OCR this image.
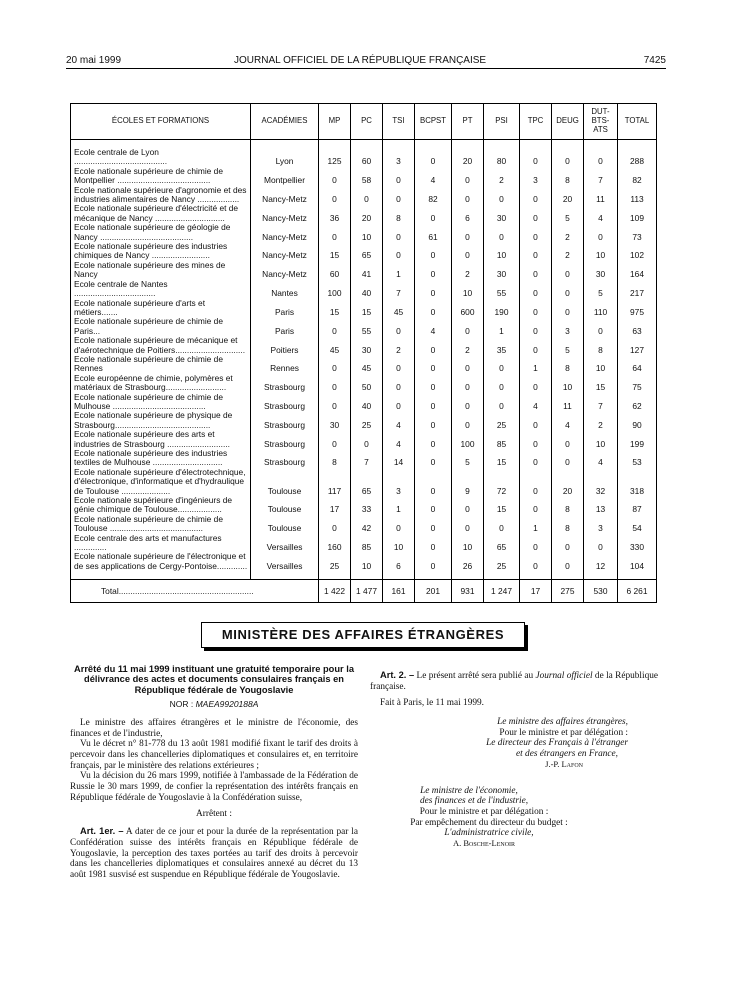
20 mai 1999	JOURNAL OFFICIEL DE LA RÉPUBLIQUE FRANÇAISE	7425
ÉCOLES ET FORMATIONS	ACADÉMIES	MP	PC	TSI	BCPST	PT	PSI	TPC	DEUG	DUT-BTS-ATS	TOTAL

Ecole centrale de Lyon ........................................	Lyon	125	60	3	0	20	80	0	0	0	288
Ecole nationale supérieure de chimie de Montpellier ........................................	Montpellier	0	58	0	4	0	2	3	8	7	82
Ecole nationale supérieure d'agronomie et des industries alimentaires de Nancy ..................	Nancy-Metz	0	0	0	82	0	0	0	20	11	113
Ecole nationale supérieure d'électricité et de mécanique de Nancy ..............................	Nancy-Metz	36	20	8	0	6	30	0	5	4	109
Ecole nationale supérieure de géologie de Nancy ........................................	Nancy-Metz	0	10	0	61	0	0	0	2	0	73
Ecole nationale supérieure des industries chimiques de Nancy .........................	Nancy-Metz	15	65	0	0	0	10	0	2	10	102
Ecole nationale supérieure des mines de Nancy	Nancy-Metz	60	41	1	0	2	30	0	0	30	164
Ecole centrale de Nantes ...................................	Nantes	100	40	7	0	10	55	0	0	5	217
Ecole nationale supérieure d'arts et métiers.......	Paris	15	15	45	0	600	190	0	0	110	975
Ecole nationale supérieure de chimie de Paris...	Paris	0	55	0	4	0	1	0	3	0	63
Ecole nationale supérieure de mécanique et d'aérotechnique de Poitiers..............................	Poitiers	45	30	2	0	2	35	0	5	8	127
Ecole nationale supérieure de chimie de Rennes	Rennes	0	45	0	0	0	0	1	8	10	64
Ecole européenne de chimie, polymères et matériaux de Strasbourg..........................	Strasbourg	0	50	0	0	0	0	0	10	15	75
Ecole nationale supérieure de chimie de Mulhouse ........................................	Strasbourg	0	40	0	0	0	0	4	11	7	62
Ecole nationale supérieure de physique de Strasbourg.........................................	Strasbourg	30	25	4	0	0	25	0	4	2	90
Ecole nationale supérieure des arts et industries de Strasbourg ...........................	Strasbourg	0	0	4	0	100	85	0	0	10	199
Ecole nationale supérieure des industries textiles de Mulhouse ..............................	Strasbourg	8	7	14	0	5	15	0	0	4	53
Ecole nationale supérieure d'électrotechnique, d'électronique, d'informatique et d'hydraulique de Toulouse .....................	Toulouse	117	65	3	0	9	72	0	20	32	318
Ecole nationale supérieure d'ingénieurs de génie chimique de Toulouse...................	Toulouse	17	33	1	0	0	15	0	8	13	87
Ecole nationale supérieure de chimie de Toulouse ........................................	Toulouse	0	42	0	0	0	0	1	8	3	54
Ecole centrale des arts et manufactures ..............	Versailles	160	85	10	0	10	65	0	0	0	330
Ecole nationale supérieure de l'électronique et de ses applications de Cergy-Pontoise.............	Versailles	25	10	6	0	26	25	0	0	12	104

Total..........................................................		1 422	1 477	161	201	931	1 247	17	275	530	6 261
MINISTÈRE DES AFFAIRES ÉTRANGÈRES
Arrêté du 11 mai 1999 instituant une gratuité temporaire pour la délivrance des actes et documents consulaires français en République fédérale de Yougoslavie
NOR : MAEA9920188A

Le ministre des affaires étrangères et le ministre de l'économie, des finances et de l'industrie,

Vu le décret n° 81-778 du 13 août 1981 modifié fixant le tarif des droits à percevoir dans les chancelleries diplomatiques et consulaires et, en territoire français, par le ministère des relations extérieures ;

Vu la décision du 26 mars 1999, notifiée à l'ambassade de la Fédération de Russie le 30 mars 1999, de confier la représentation des intérêts français en République fédérale de Yougoslavie à la Confédération suisse,

Arrêtent :

Art. 1er. – A dater de ce jour et pour la durée de la représentation par la Confédération suisse des intérêts français en République fédérale de Yougoslavie, la perception des taxes portées au tarif des droits à percevoir dans les chancelleries diplomatiques et consulaires annexé au décret du 13 août 1981 susvisé est suspendue en République fédérale de Yougoslavie.

Art. 2. – Le présent arrêté sera publié au Journal officiel de la République française.

Fait à Paris, le 11 mai 1999.

Le ministre des affaires étrangères,
Pour le ministre et par délégation :
Le directeur des Français à l'étranger
et des étrangers en France,
J.-P. Lafon
Le ministre de l'économie,
des finances et de l'industrie,
Pour le ministre et par délégation :
Par empêchement du directeur du budget :
L'administratrice civile,
A. Bosche-Lenoir
